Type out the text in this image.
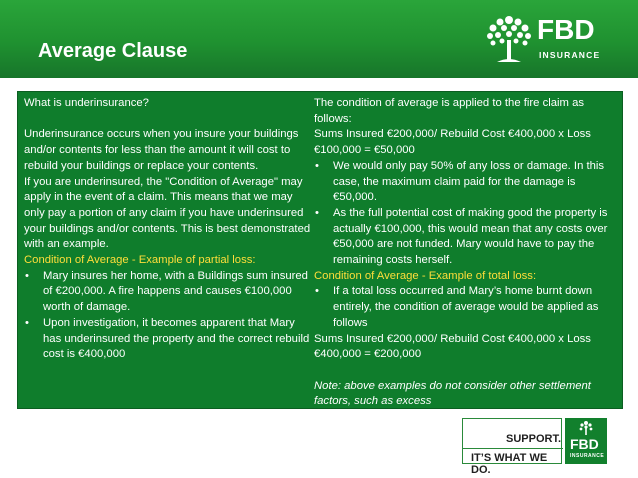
Average Clause
FBD
INSURANCE

What is underinsurance?

Underinsurance occurs when you insure your buildings and/or contents for less than the amount it will cost to rebuild your buildings or replace your contents.

If you are underinsured, the "Condition of Average" may apply in the event of a claim. This means that we may only pay a portion of any claim if you have underinsured your buildings and/or contents. This is best demonstrated with an example.

Condition of Average - Example of partial loss:

• Mary insures her home, with a Buildings sum insured of €200,000. A fire happens and causes €100,000 worth of damage.
• Upon investigation, it becomes apparent that Mary has underinsured the property and the correct rebuild cost is €400,000

The condition of average is applied to the fire claim as follows:

Sums Insured €200,000/ Rebuild Cost €400,000 x Loss €100,000 = €50,000

• We would only pay 50% of any loss or damage. In this case, the maximum claim paid for the damage is €50,000.
• As the full potential cost of making good the property is actually €100,000, this would mean that any costs over €50,000 are not funded. Mary would have to pay the remaining costs herself.

Condition of Average - Example of total loss:

• If a total loss occurred and Mary’s home burnt down entirely, the condition of average would be applied as follows

Sums Insured €200,000/ Rebuild Cost €400,000 x Loss €400,000 = €200,000

Note: above examples do not consider other settlement factors, such as excess

SUPPORT.
IT’S WHAT WE DO.
FBD
INSURANCE
